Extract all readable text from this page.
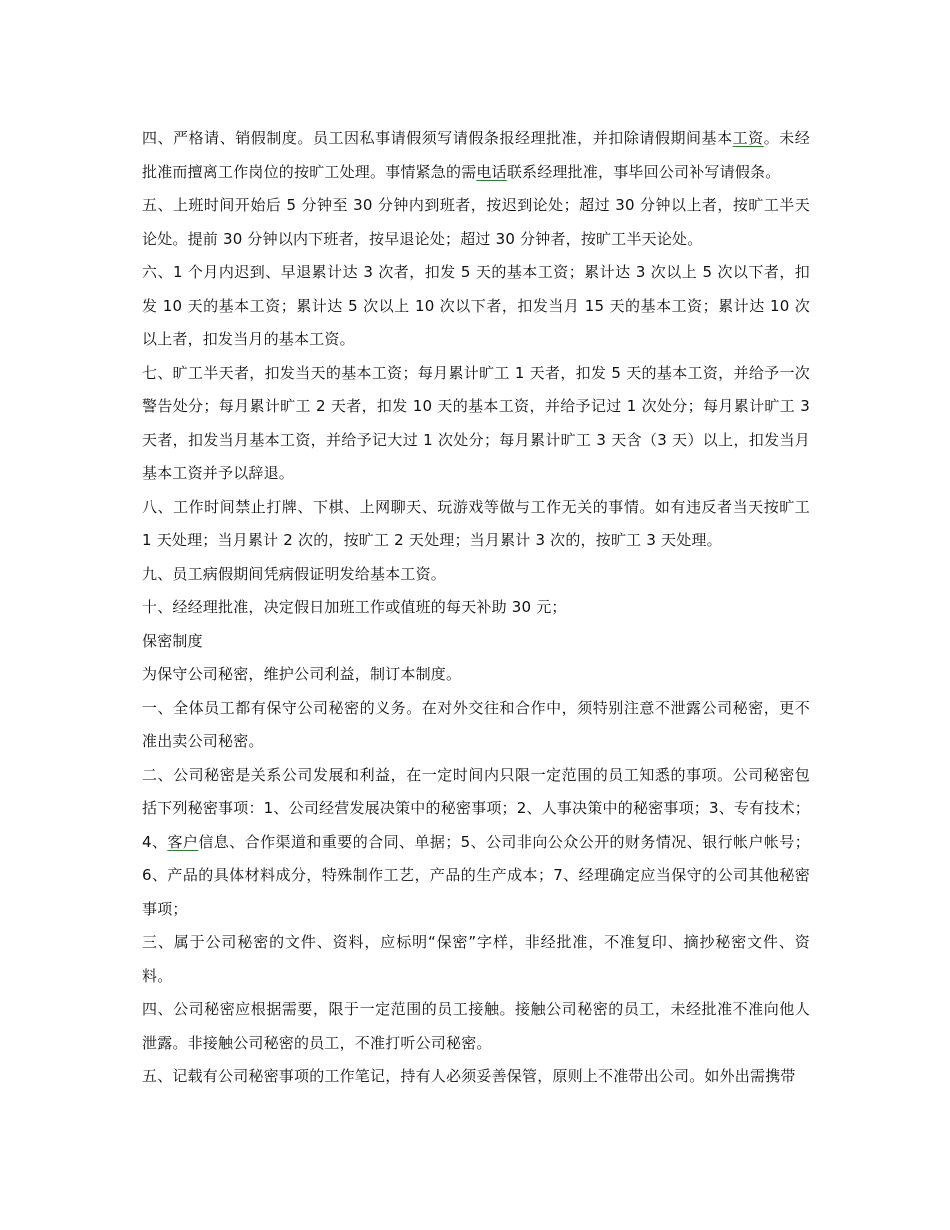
四、严格请、销假制度。员工因私事请假须写请假条报经理批准，并扣除请假期间基本工资。未经批准而擅离工作岗位的按旷工处理。事情紧急的需电话联系经理批准，事毕回公司补写请假条。

五、上班时间开始后 5 分钟至 30 分钟内到班者，按迟到论处；超过 30 分钟以上者，按旷工半天论处。提前 30 分钟以内下班者，按早退论处；超过 30 分钟者，按旷工半天论处。

六、1 个月内迟到、早退累计达 3 次者，扣发 5 天的基本工资；累计达 3 次以上 5 次以下者，扣发 10 天的基本工资；累计达 5 次以上 10 次以下者，扣发当月 15 天的基本工资；累计达 10 次以上者，扣发当月的基本工资。

七、旷工半天者，扣发当天的基本工资；每月累计旷工 1 天者，扣发 5 天的基本工资，并给予一次警告处分；每月累计旷工 2 天者，扣发 10 天的基本工资，并给予记过 1 次处分；每月累计旷工 3 天者，扣发当月基本工资，并给予记大过 1 次处分；每月累计旷工 3 天含（3 天）以上，扣发当月基本工资并予以辞退。

八、工作时间禁止打牌、下棋、上网聊天、玩游戏等做与工作无关的事情。如有违反者当天按旷工 1 天处理；当月累计 2 次的，按旷工 2 天处理；当月累计 3 次的，按旷工 3 天处理。

九、员工病假期间凭病假证明发给基本工资。

十、经经理批准，决定假日加班工作或值班的每天补助 30 元；

保密制度

为保守公司秘密，维护公司利益，制订本制度。

一、全体员工都有保守公司秘密的义务。在对外交往和合作中，须特别注意不泄露公司秘密，更不准出卖公司秘密。

二、公司秘密是关系公司发展和利益，在一定时间内只限一定范围的员工知悉的事项。公司秘密包括下列秘密事项：1、公司经营发展决策中的秘密事项；2、人事决策中的秘密事项；3、专有技术；4、客户信息、合作渠道和重要的合同、单据；5、公司非向公众公开的财务情况、银行帐户帐号；6、产品的具体材料成分，特殊制作工艺，产品的生产成本；7、经理确定应当保守的公司其他秘密事项；

三、属于公司秘密的文件、资料，应标明“保密”字样，非经批准，不准复印、摘抄秘密文件、资料。

四、公司秘密应根据需要，限于一定范围的员工接触。接触公司秘密的员工，未经批准不准向他人泄露。非接触公司秘密的员工，不准打听公司秘密。

五、记载有公司秘密事项的工作笔记，持有人必须妥善保管，原则上不准带出公司。如外出需携带
